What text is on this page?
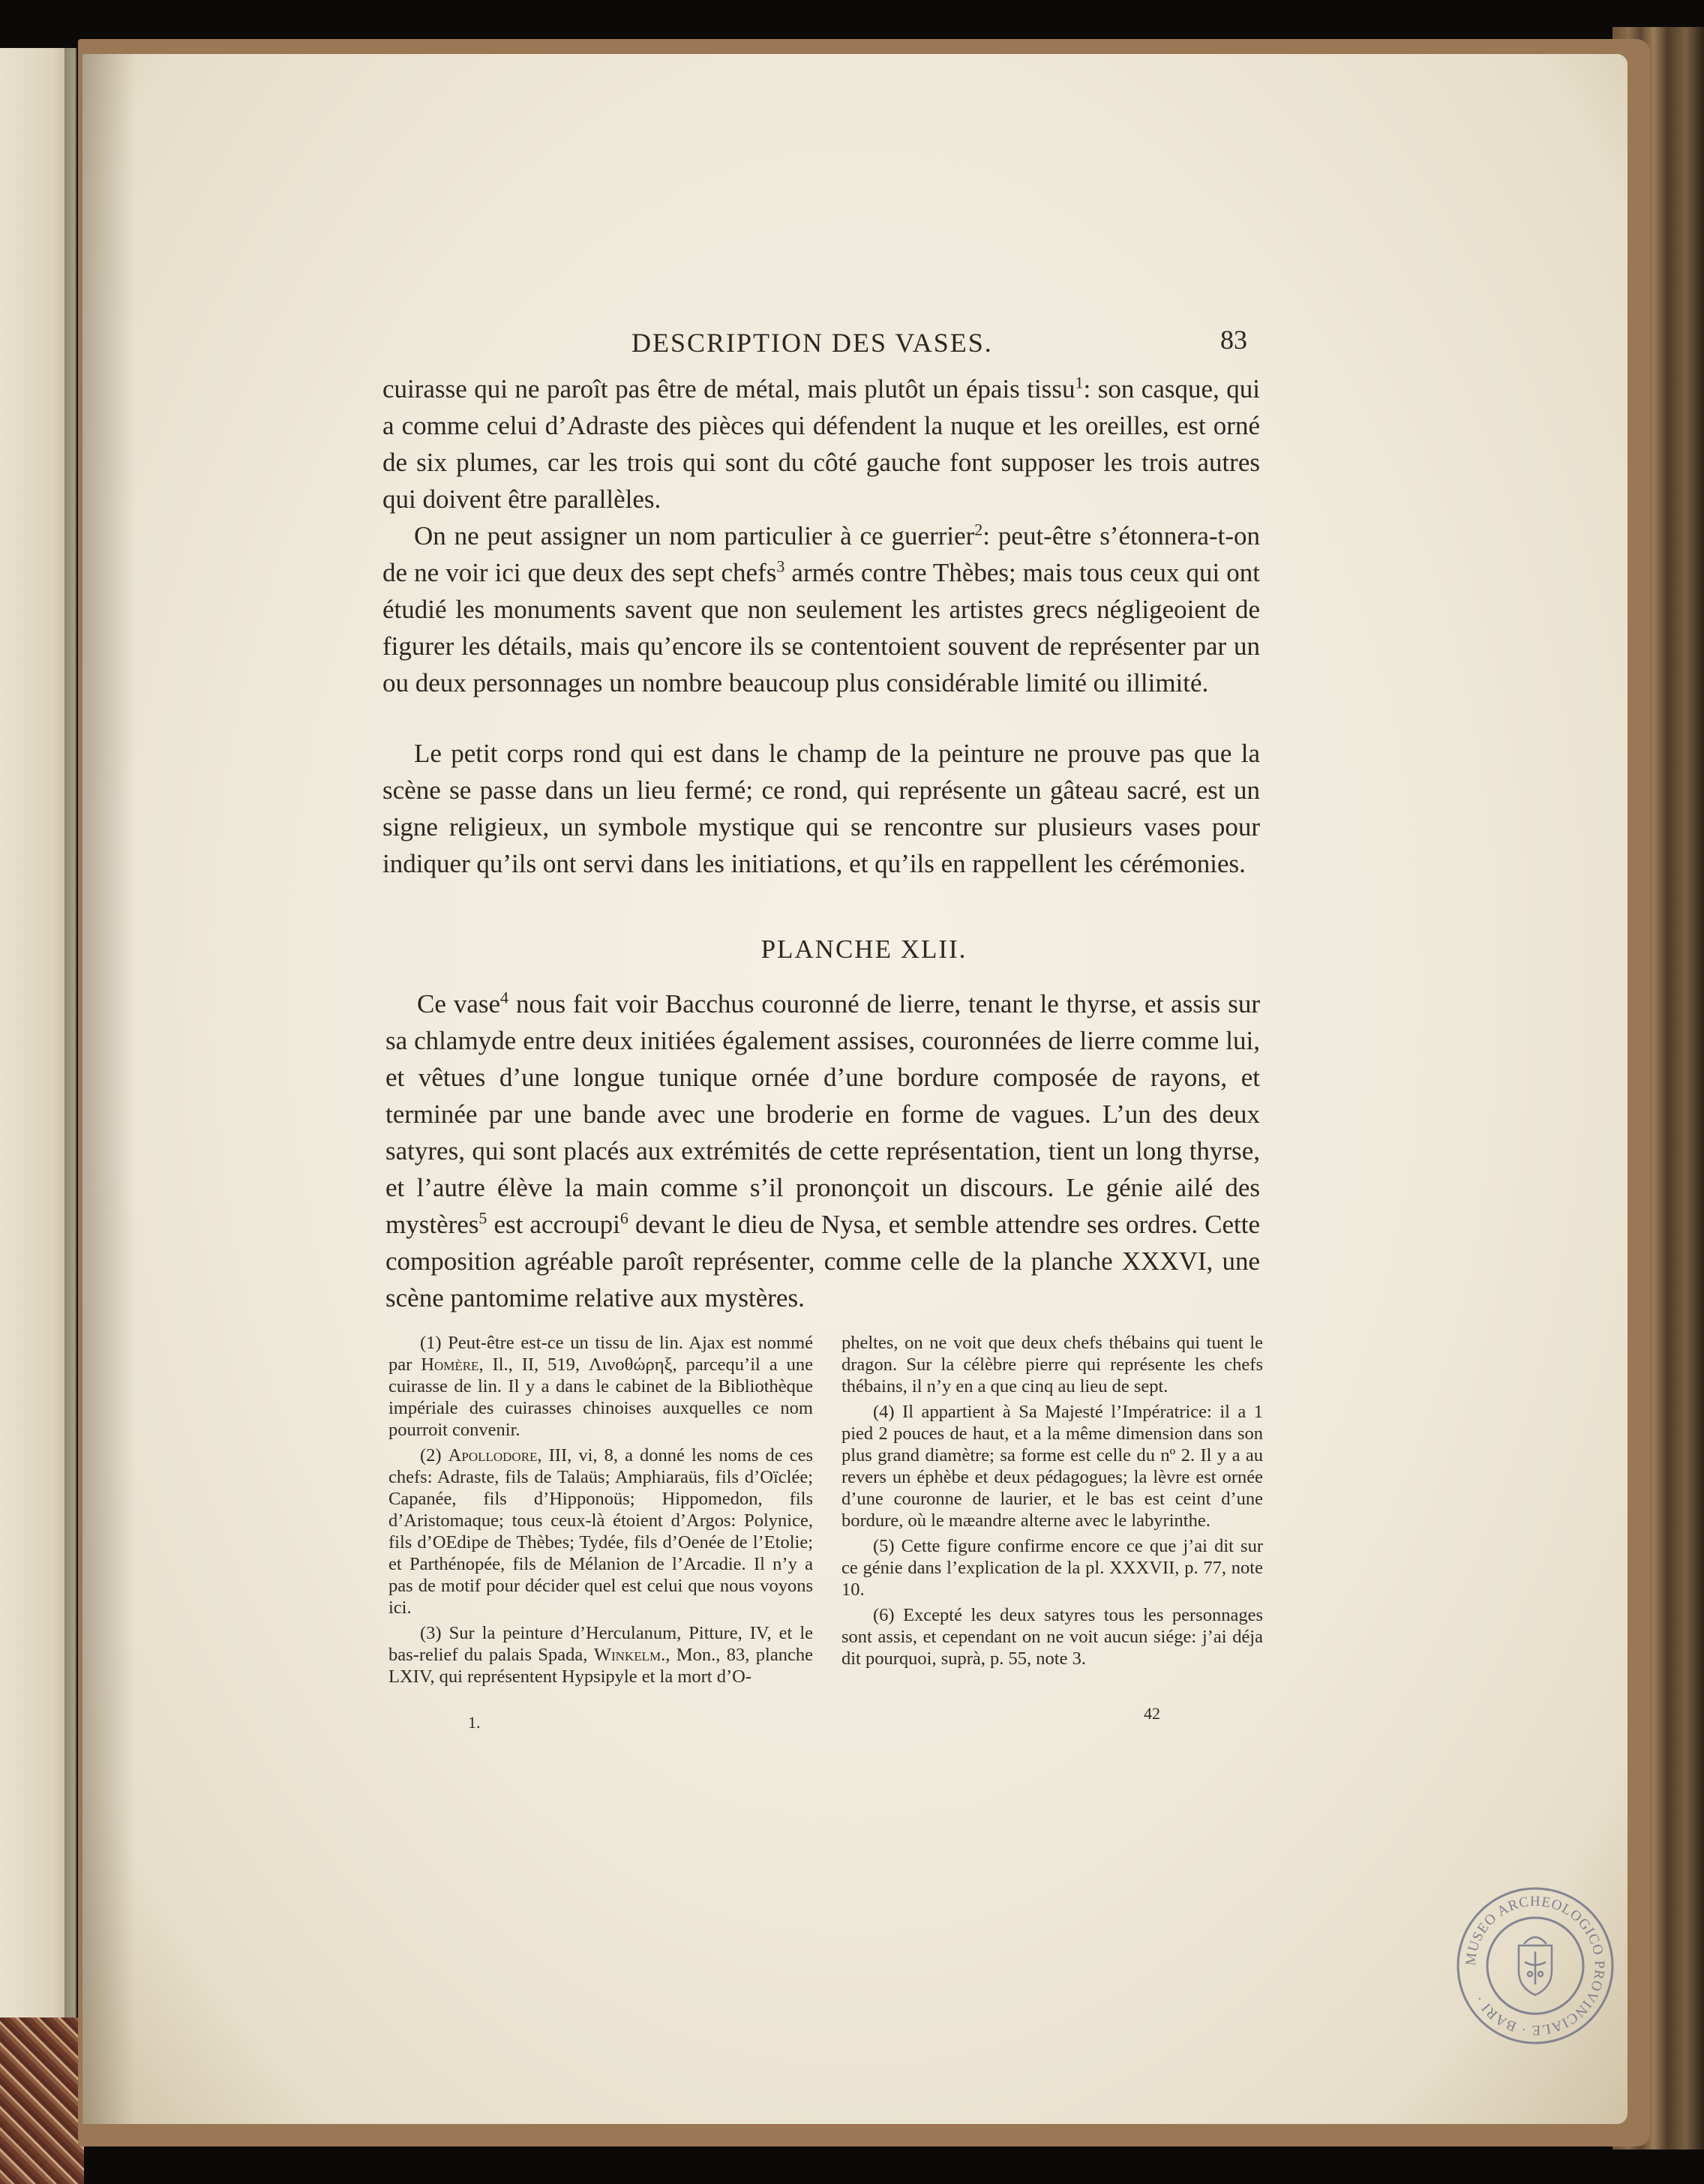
DESCRIPTION DES VASES.	83

cuirasse qui ne paroît pas être de métal, mais plutôt un épais tissu$^1$: son casque, qui a comme celui d’Adraste des pièces qui défendent la nuque et les oreilles, est orné de six plumes, car les trois qui sont du côté gauche font supposer les trois autres qui doivent être parallèles.

On ne peut assigner un nom particulier à ce guerrier$^2$: peut-être s’étonnera-t-on de ne voir ici que deux des sept chefs$^3$ armés contre Thèbes; mais tous ceux qui ont étudié les monuments savent que non seulement les artistes grecs négligeoient de figurer les détails, mais qu’encore ils se contentoient souvent de représenter par un ou deux personnages un nombre beaucoup plus considérable limité ou illimité.

Le petit corps rond qui est dans le champ de la peinture ne prouve pas que la scène se passe dans un lieu fermé; ce rond, qui représente un gâteau sacré, est un signe religieux, un symbole mystique qui se rencontre sur plusieurs vases pour indiquer qu’ils ont servi dans les initiations, et qu’ils en rappellent les cérémonies.

PLANCHE XLII.

Ce vase$^4$ nous fait voir Bacchus couronné de lierre, tenant le thyrse, et assis sur sa chlamyde entre deux initiées également assises, couronnées de lierre comme lui, et vêtues d’une longue tunique ornée d’une bordure composée de rayons, et terminée par une bande avec une broderie en forme de vagues. L’un des deux satyres, qui sont placés aux extrémités de cette représentation, tient un long thyrse, et l’autre élève la main comme s’il prononçoit un discours. Le génie ailé des mystères$^5$ est accroupi$^6$ devant le dieu de Nysa, et semble attendre ses ordres. Cette composition agréable paroît représenter, comme celle de la planche XXXVI, une scène pantomime relative aux mystères.

(1) Peut-être est-ce un tissu de lin. Ajax est nommé par Homère, Il., II, 519, Λινοθώρηξ, parcequ’il a une cuirasse de lin. Il y a dans le cabinet de la Bibliothèque impériale des cuirasses chinoises auxquelles ce nom pourroit convenir.

(2) Apollodore, III, vi, 8, a donné les noms de ces chefs: Adraste, fils de Talaüs; Amphiaraüs, fils d’Oïclée; Capanée, fils d’Hipponoüs; Hippomedon, fils d’Aristomaque; tous ceux-là étoient d’Argos: Polynice, fils d’OEdipe de Thèbes; Tydée, fils d’Oenée de l’Etolie; et Parthénopée, fils de Mélanion de l’Arcadie. Il n’y a pas de motif pour décider quel est celui que nous voyons ici.

(3) Sur la peinture d’Herculanum, Pitture, IV, et le bas-relief du palais Spada, Winkelm., Mon., 83, planche LXIV, qui représentent Hypsipyle et la mort d’O-

pheltes, on ne voit que deux chefs thébains qui tuent le dragon. Sur la célèbre pierre qui représente les chefs thébains, il n’y en a que cinq au lieu de sept.

(4) Il appartient à Sa Majesté l’Impératrice: il a 1 pied 2 pouces de haut, et a la même dimension dans son plus grand diamètre; sa forme est celle du nº 2. Il y a au revers un éphèbe et deux pédagogues; la lèvre est ornée d’une couronne de laurier, et le bas est ceint d’une bordure, où le mæandre alterne avec le labyrinthe.

(5) Cette figure confirme encore ce que j’ai dit sur ce génie dans l’explication de la pl. XXXVII, p. 77, note 10.

(6) Excepté les deux satyres tous les personnages sont assis, et cependant on ne voit aucun siége: j’ai déja dit pourquoi, suprà, p. 55, note 3.

1.	42
MUSEO ARCHEOLOGICO PROVINCIALE · BARI ·
